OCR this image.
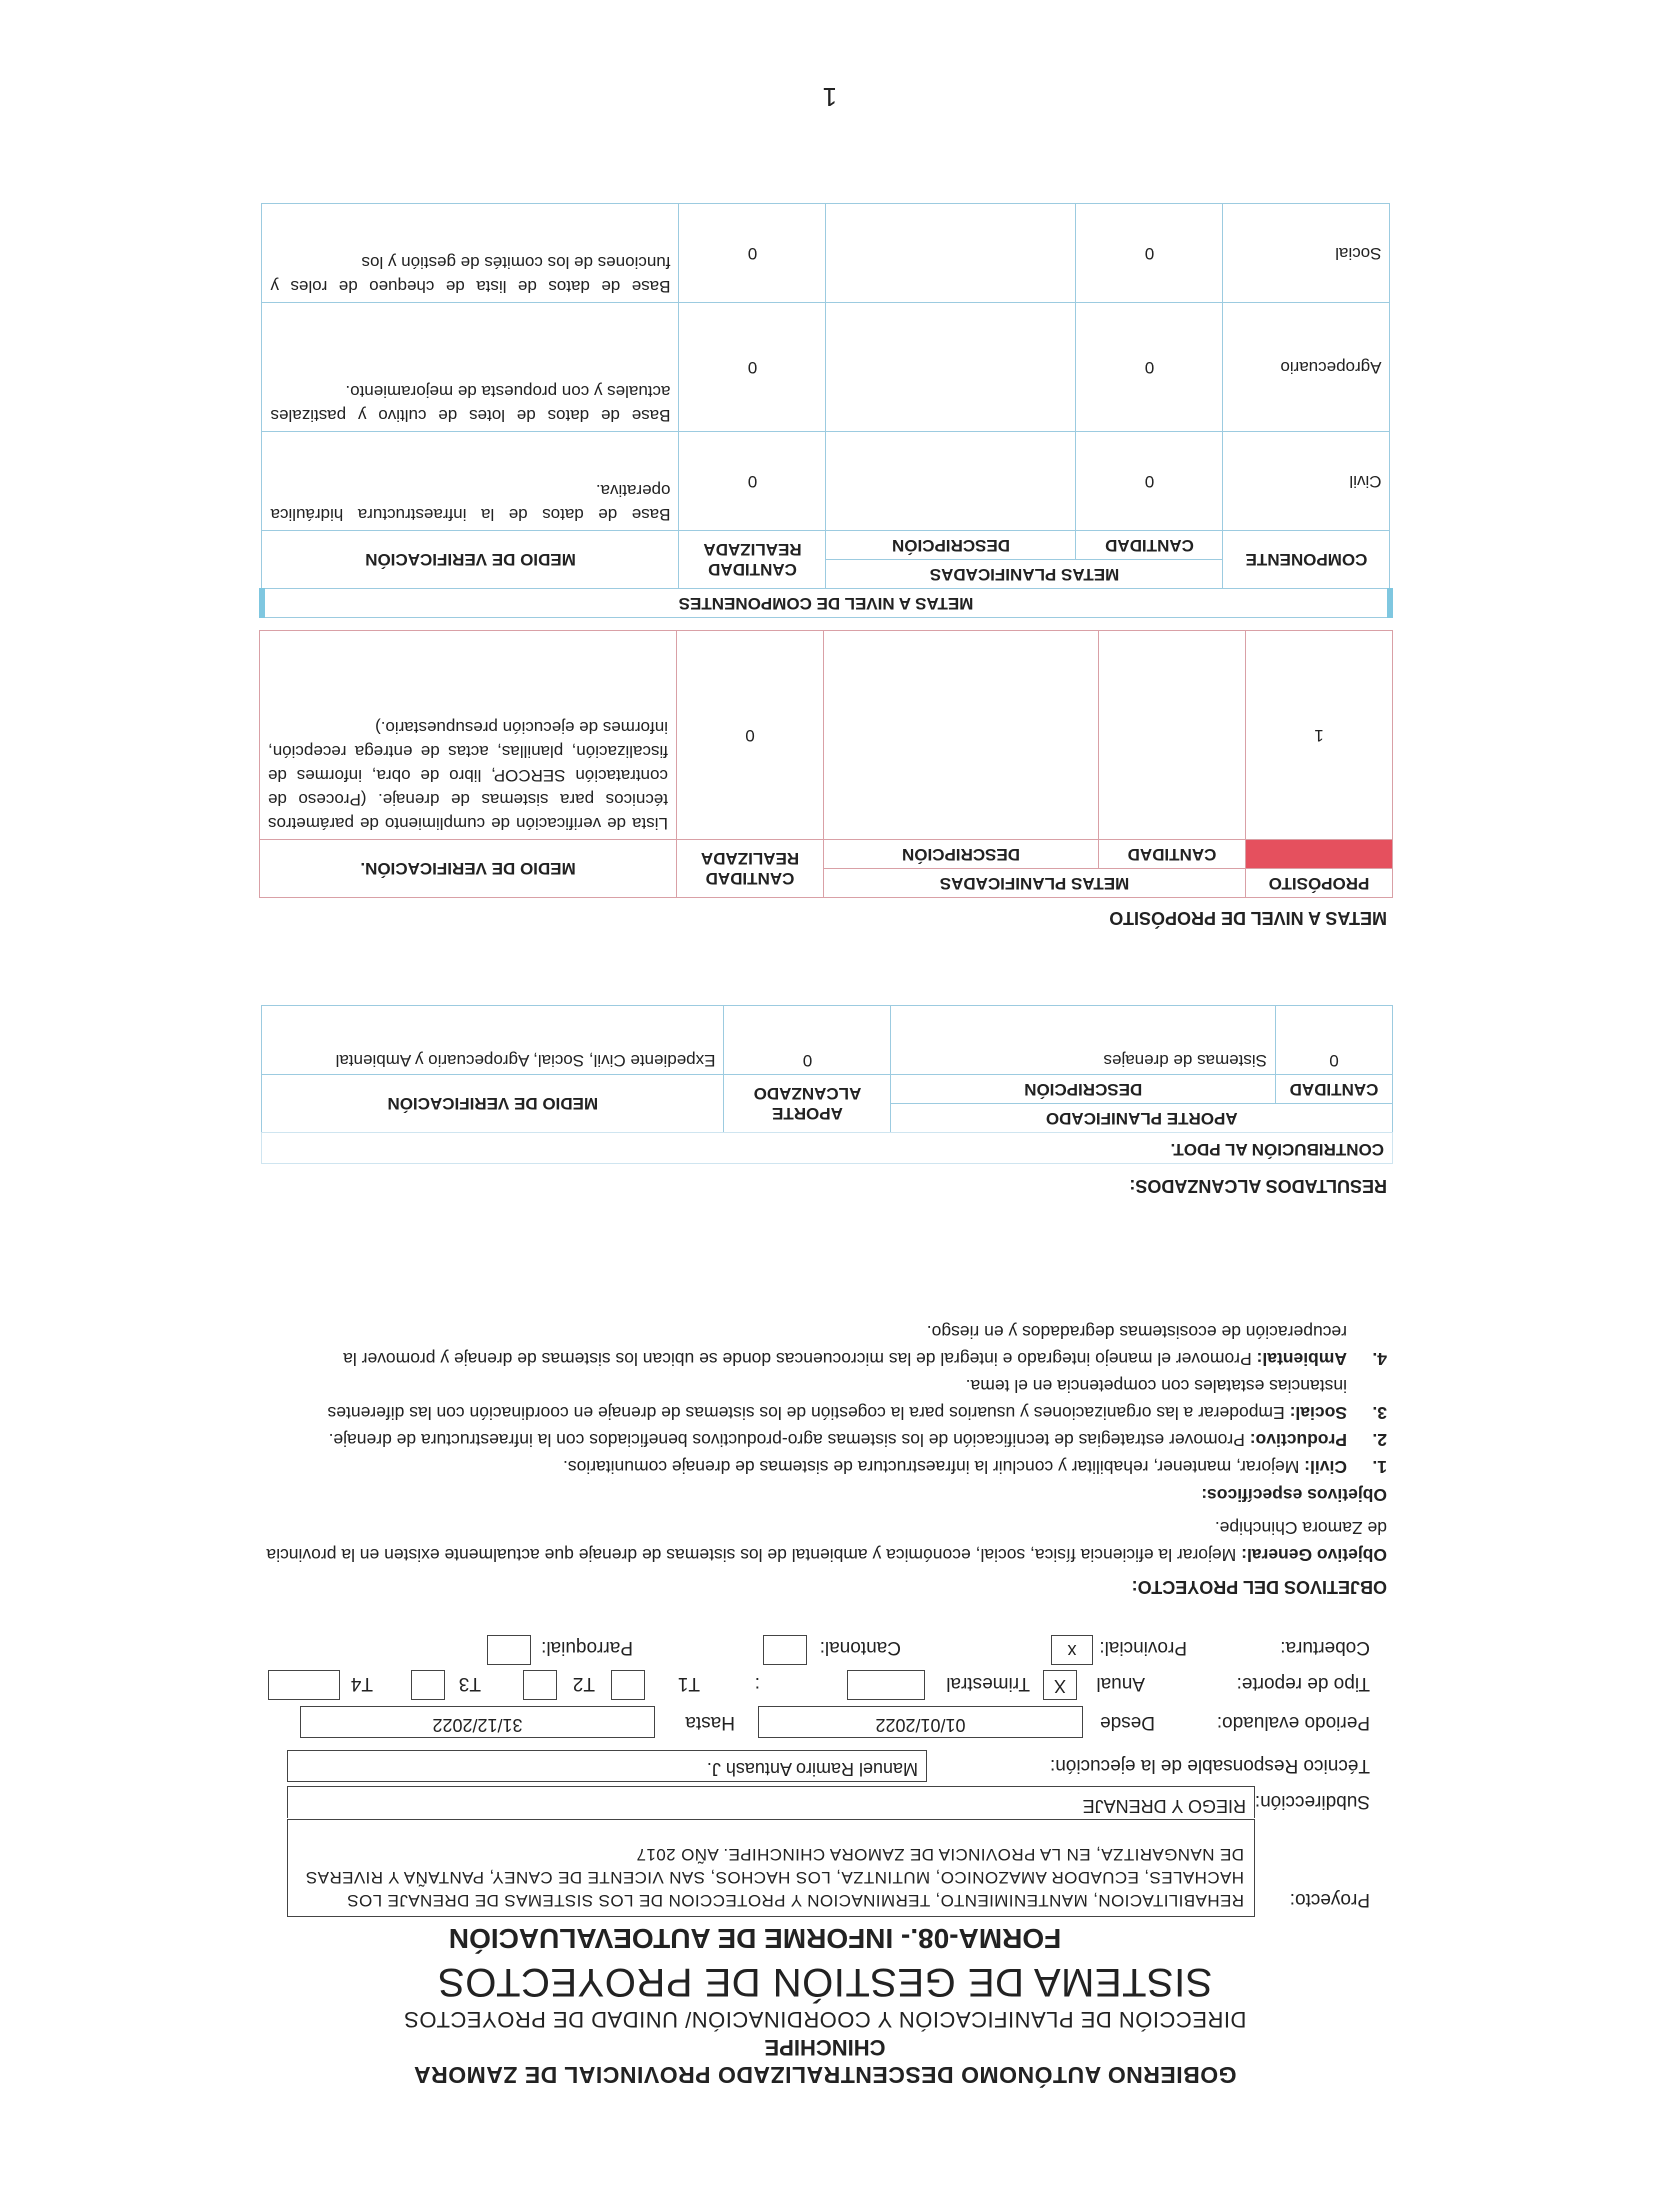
GOBIERNO AUTÓNOMO DESCENTRALIZADO PROVINCIAL DE ZAMORA
CHINCHIPE
DIRECCIÓN DE PLANIFICACIÓN Y COORDINACIÓN/ UNIDAD DE PROYECTOS
SISTEMA DE GESTIÓN DE PROYECTOS
FORMA-08.- INFORME DE AUTOEVALUACIÓN
Proyecto:
REHABILITACION, MANTENIMIENTO, TERMINACION Y PROTECCION DE LOS SISTEMAS DE DRENAJE LOS HACHALES, ECUADOR AMAZONICO, MUTINTZA, LOS HACHOS, SAN VICENTE DE CANEY, PANTAÑA Y RIVERAS DE NANGARITZA, EN LA PROVINCIA DE ZAMORA CHINCHIPE. AÑO 2017
Subdirección:
RIEGO Y DRENAJE
Técnico Responsable de la ejecución:
Manuel Ramiro Antuash J.
Periodo evaluado:
Desde
01/01/2022
Hasta
31/12/2022
Tipo de reporte:
Anual
X
Trimestral
:
T1
T2
T3
T4
Cobertura:
Provincial:
x
Cantonal:
Parroquial:
OBJETIVOS DEL PROYECTO:
Objetivo General: Mejorar la eficiencia física, social, económica y ambiental de los sistemas de drenaje que actualmente existen en la provincia de Zamora Chinchipe.
Objetivos específicos:
1.
Civil: Mejorar, mantener, rehabilitar y concluir la infraestructura de sistemas de drenaje comunitarios.
2.
Productivo: Promover estrategias de tecnificación de los sistemas agro-productivos beneficiados con la infraestructura de drenaje.
3.
Social: Empoderar a las organizaciones y usuarios para la cogestión de los sistemas de drenaje en coordinación con las diferentes instancias estatales con competencia en el tema.
4.
Ambiental: Promover el manejo integrado e integral de las microcuencas donde se ubican los sistemas de drenaje y promover la recuperación de ecosistemas degradados y en riesgo.
RESULTADOS ALCANZADOS:
CONTRIBUCIÓN AL PDOT.			
APORTE PLANIFICADO		APORTE ALCANZADO	MEDIO DE VERIFICACIÓN
CANTIDAD	DESCRIPCIÓN		
0	Sistemas de drenajes	0	Expediente Civil, Social, Agropecuario y Ambiental
METAS A NIVEL DE PROPÓSITO
PROPÓSITO	METAS PLANIFICADAS		CANTIDAD REALIZADA	MEDIO DE VERIFICACIÓN.
	CANTIDAD	DESCRIPCIÓN		
1			0	Lista de verificación de cumplimiento de parámetros técnicos para sistemas de drenaje. (Proceso de contratación SERCOP, libro de obra, informes de fiscalización, planillas, actas de entrega recepción, informes de ejecución presupuestario.)
METAS A NIVEL DE COMPONENTES				
COMPONENTE	METAS PLANIFICADAS		CANTIDAD REALIZADA	MEDIO DE VERIFICACIÓN
	CANTIDAD	DESCRIPCIÓN		
Civil	0		0	Base de datos de la infraestructura hidráulica operativa.
Agropecuario	0		0	Base de datos de lotes de cultivo y pastizales actuales y con propuesta de mejoramiento.
Social	0		0	Base de datos de lista de chequeo de roles y funciones de los comités de gestión y los
1
